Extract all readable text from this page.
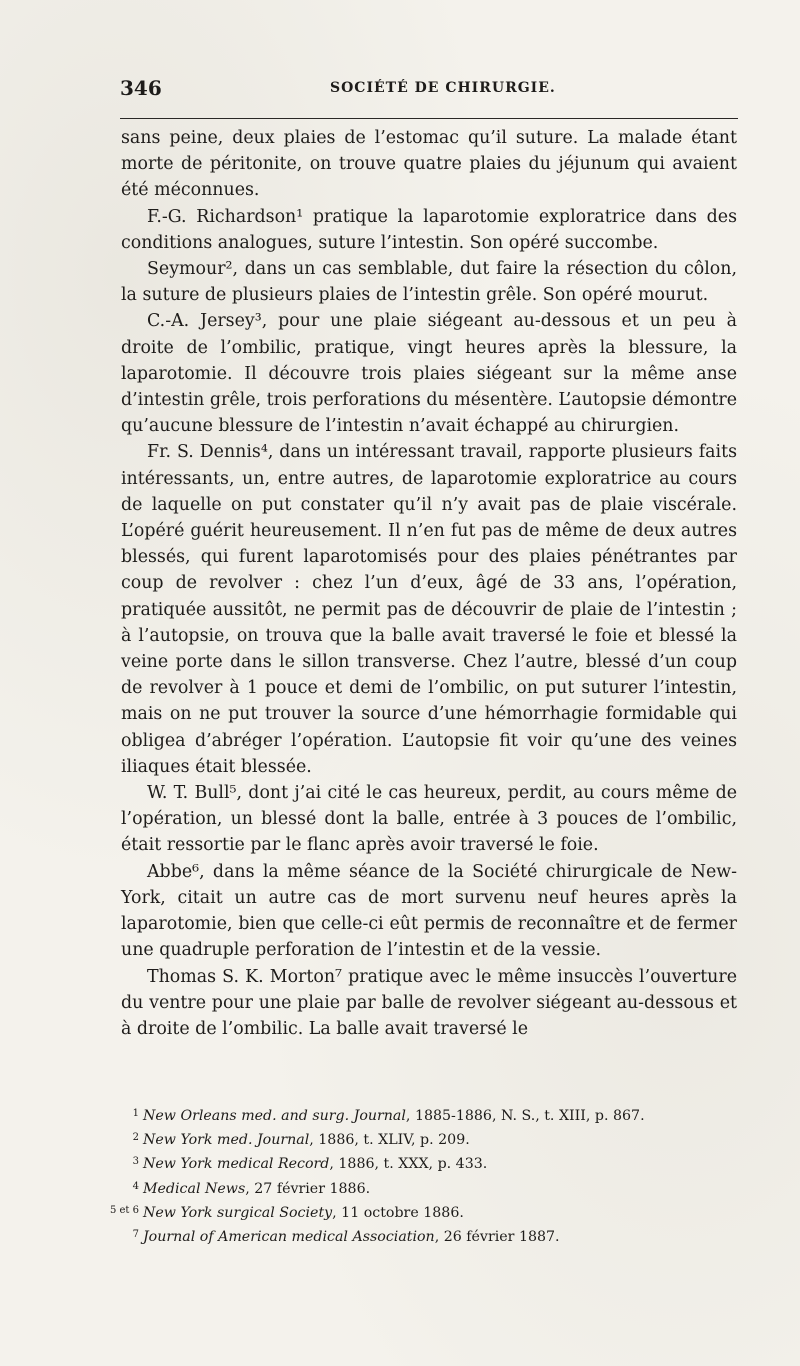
346	SOCIÉTÉ DE CHIRURGIE.

sans peine, deux plaies de l’estomac qu’il suture. La malade étant morte de péritonite, on trouve quatre plaies du jéjunum qui avaient été méconnues.

F.-G. Richardson¹ pratique la laparotomie exploratrice dans des conditions analogues, suture l’intestin. Son opéré succombe.

Seymour², dans un cas semblable, dut faire la résection du côlon, la suture de plusieurs plaies de l’intestin grêle. Son opéré mourut.

C.-A. Jersey³, pour une plaie siégeant au-dessous et un peu à droite de l’ombilic, pratique, vingt heures après la blessure, la laparotomie. Il découvre trois plaies siégeant sur la même anse d’intestin grêle, trois perforations du mésentère. L’autopsie démontre qu’aucune blessure de l’intestin n’avait échappé au chirurgien.

Fr. S. Dennis⁴, dans un intéressant travail, rapporte plusieurs faits intéressants, un, entre autres, de laparotomie exploratrice au cours de laquelle on put constater qu’il n’y avait pas de plaie viscérale. L’opéré guérit heureusement. Il n’en fut pas de même de deux autres blessés, qui furent laparotomisés pour des plaies pénétrantes par coup de revolver : chez l’un d’eux, âgé de 33 ans, l’opération, pratiquée aussitôt, ne permit pas de découvrir de plaie de l’intestin ; à l’autopsie, on trouva que la balle avait traversé le foie et blessé la veine porte dans le sillon transverse. Chez l’autre, blessé d’un coup de revolver à 1 pouce et demi de l’ombilic, on put suturer l’intestin, mais on ne put trouver la source d’une hémorrhagie formidable qui obligea d’abréger l’opération. L’autopsie fit voir qu’une des veines iliaques était blessée.

W. T. Bull⁵, dont j’ai cité le cas heureux, perdit, au cours même de l’opération, un blessé dont la balle, entrée à 3 pouces de l’ombilic, était ressortie par le flanc après avoir traversé le foie.

Abbe⁶, dans la même séance de la Société chirurgicale de New-York, citait un autre cas de mort survenu neuf heures après la laparotomie, bien que celle-ci eût permis de reconnaître et de fermer une quadruple perforation de l’intestin et de la vessie.

Thomas S. K. Morton⁷ pratique avec le même insuccès l’ouverture du ventre pour une plaie par balle de revolver siégeant au-dessous et à droite de l’ombilic. La balle avait traversé le

1 New Orleans med. and surg. Journal, 1885-1886, N. S., t. XIII, p. 867.
2 New York med. Journal, 1886, t. XLIV, p. 209.
3 New York medical Record, 1886, t. XXX, p. 433.
4 Medical News, 27 février 1886.
5 et 6 New York surgical Society, 11 octobre 1886.
7 Journal of American medical Association, 26 février 1887.
